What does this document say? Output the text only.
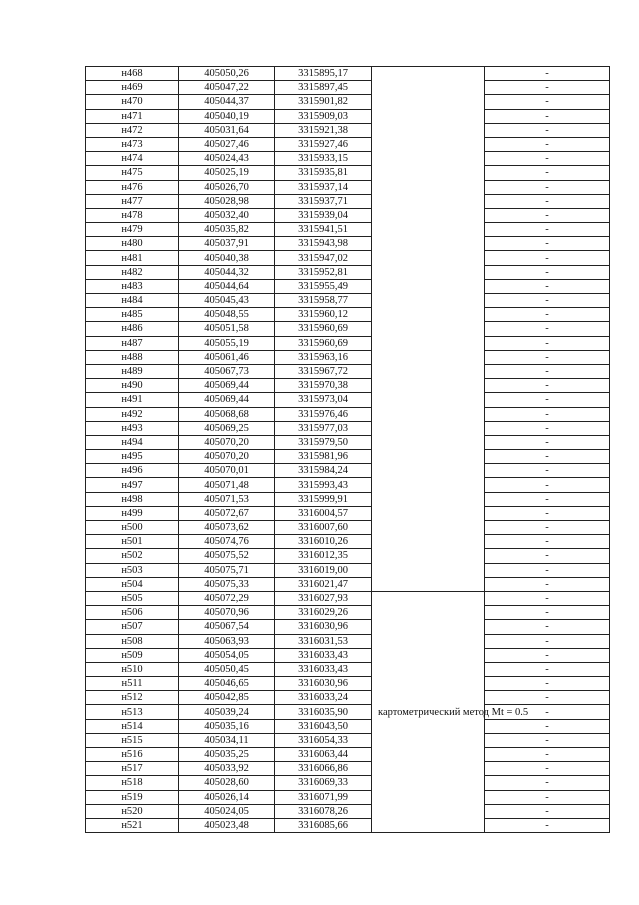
н468	405050,26	3315895,17		-
н469	405047,22	3315897,45		-
н470	405044,37	3315901,82		-
н471	405040,19	3315909,03		-
н472	405031,64	3315921,38		-
н473	405027,46	3315927,46		-
н474	405024,43	3315933,15		-
н475	405025,19	3315935,81		-
н476	405026,70	3315937,14		-
н477	405028,98	3315937,71		-
н478	405032,40	3315939,04		-
н479	405035,82	3315941,51		-
н480	405037,91	3315943,98		-
н481	405040,38	3315947,02		-
н482	405044,32	3315952,81		-
н483	405044,64	3315955,49		-
н484	405045,43	3315958,77		-
н485	405048,55	3315960,12		-
н486	405051,58	3315960,69		-
н487	405055,19	3315960,69		-
н488	405061,46	3315963,16		-
н489	405067,73	3315967,72		-
н490	405069,44	3315970,38		-
н491	405069,44	3315973,04		-
н492	405068,68	3315976,46		-
н493	405069,25	3315977,03		-
н494	405070,20	3315979,50		-
н495	405070,20	3315981,96		-
н496	405070,01	3315984,24		-
н497	405071,48	3315993,43		-
н498	405071,53	3315999,91		-
н499	405072,67	3316004,57		-
н500	405073,62	3316007,60		-
н501	405074,76	3316010,26		-
н502	405075,52	3316012,35		-
н503	405075,71	3316019,00		-
н504	405075,33	3316021,47		-
н505	405072,29	3316027,93	картометрический метод Mt = 0.5	-
н506	405070,96	3316029,26		-
н507	405067,54	3316030,96		-
н508	405063,93	3316031,53		-
н509	405054,05	3316033,43		-
н510	405050,45	3316033,43		-
н511	405046,65	3316030,96		-
н512	405042,85	3316033,24		-
н513	405039,24	3316035,90		-
н514	405035,16	3316043,50		-
н515	405034,11	3316054,33		-
н516	405035,25	3316063,44		-
н517	405033,92	3316066,86		-
н518	405028,60	3316069,33		-
н519	405026,14	3316071,99		-
н520	405024,05	3316078,26		-
н521	405023,48	3316085,66		-
